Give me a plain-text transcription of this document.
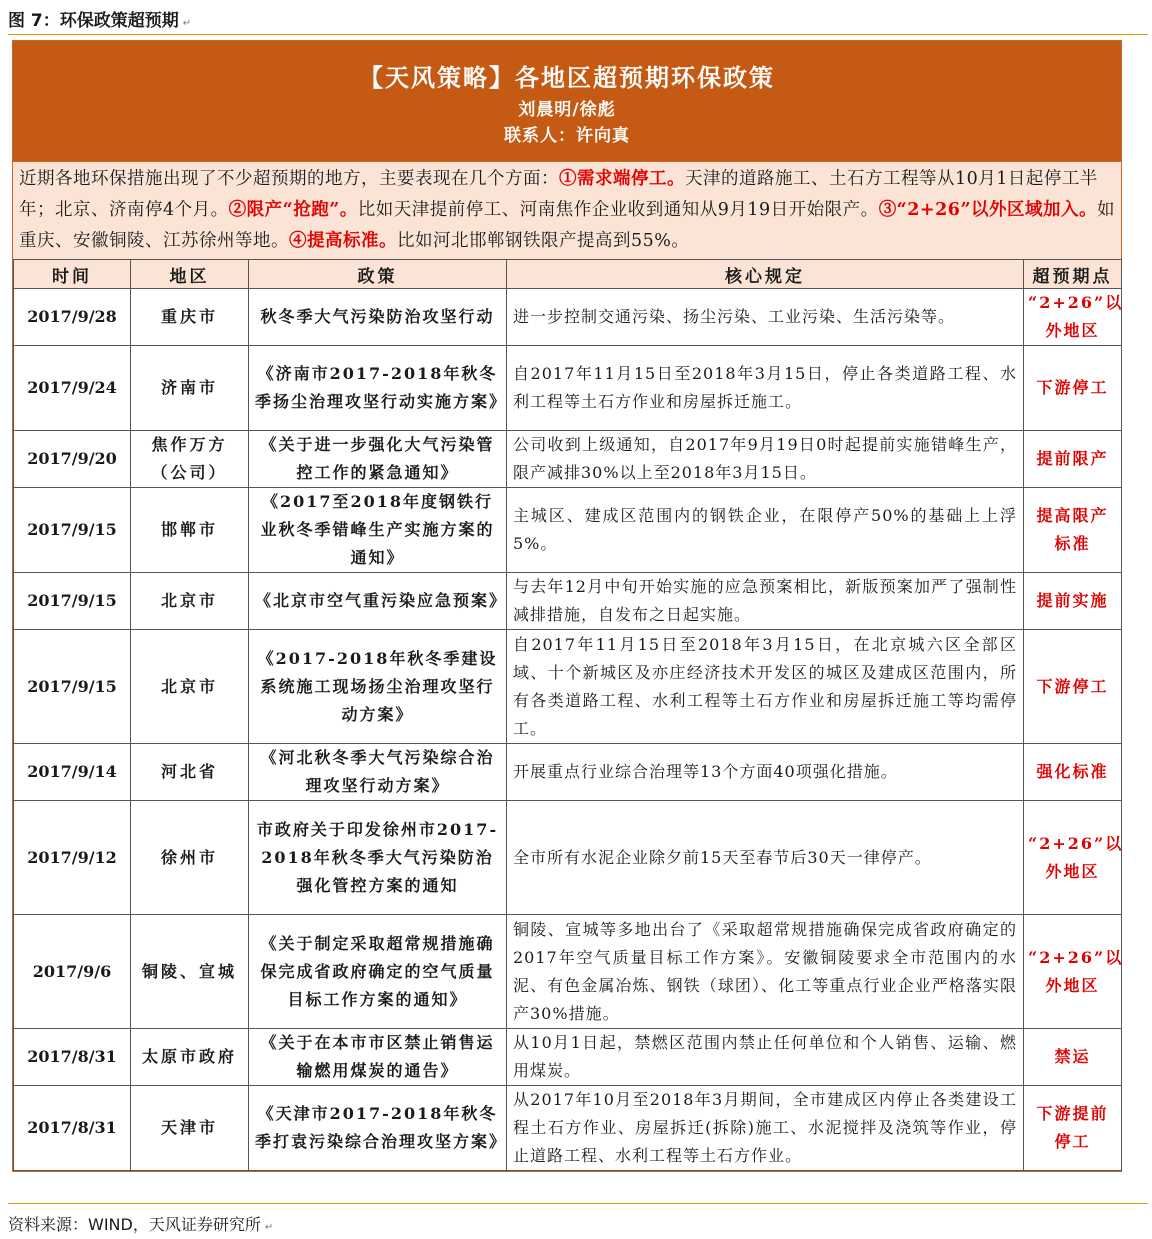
图 7：环保政策超预期 ↵
【天风策略】各地区超预期环保政策
刘晨明/徐彪
联系人：许向真
近期各地环保措施出现了不少超预期的地方，主要表现在几个方面：①需求端停工。天津的道路施工、土石方工程等从10月1日起停工半年；北京、济南停4个月。②限产“抢跑”。比如天津提前停工、河南焦作企业收到通知从9月19日开始限产。③“2+26”以外区域加入。如重庆、安徽铜陵、江苏徐州等地。④提高标准。比如河北邯郸钢铁限产提高到55%。
时间	地区	政策	核心规定	超预期点
2017/9/28	重庆市	秋冬季大气污染防治攻坚行动	进一步控制交通污染、扬尘污染、工业污染、生活污染等。	“2+26”以外地区
2017/9/24	济南市	《济南市2017-2018年秋冬季扬尘治理攻坚行动实施方案》	自2017年11月15日至2018年3月15日，停止各类道路工程、水利工程等土石方作业和房屋拆迁施工。	下游停工
2017/9/20	焦作万方（公司）	《关于进一步强化大气污染管控工作的紧急通知》	公司收到上级通知，自2017年9月19日0时起提前实施错峰生产，限产减排30%以上至2018年3月15日。	提前限产
2017/9/15	邯郸市	《2017至2018年度钢铁行业秋冬季错峰生产实施方案的通知》	主城区、建成区范围内的钢铁企业，在限停产50%的基础上上浮5%。	提高限产标准
2017/9/15	北京市	《北京市空气重污染应急预案》	与去年12月中旬开始实施的应急预案相比，新版预案加严了强制性减排措施，自发布之日起实施。	提前实施
2017/9/15	北京市	《2017-2018年秋冬季建设系统施工现场扬尘治理攻坚行动方案》	自2017年11月15日至2018年3月15日，在北京城六区全部区域、十个新城区及亦庄经济技术开发区的城区及建成区范围内，所有各类道路工程、水利工程等土石方作业和房屋拆迁施工等均需停工。	下游停工
2017/9/14	河北省	《河北秋冬季大气污染综合治理攻坚行动方案》	开展重点行业综合治理等13个方面40项强化措施。	强化标准
2017/9/12	徐州市	市政府关于印发徐州市2017-2018年秋冬季大气污染防治强化管控方案的通知	全市所有水泥企业除夕前15天至春节后30天一律停产。	“2+26”以外地区
2017/9/6	铜陵、宣城	《关于制定采取超常规措施确保完成省政府确定的空气质量目标工作方案的通知》	铜陵、宣城等多地出台了《采取超常规措施确保完成省政府确定的2017年空气质量目标工作方案》。安徽铜陵要求全市范围内的水泥、有色金属冶炼、钢铁（球团）、化工等重点行业企业严格落实限产30%措施。	“2+26”以外地区
2017/8/31	太原市政府	《关于在本市市区禁止销售运输燃用煤炭的通告》	从10月1日起，禁燃区范围内禁止任何单位和个人销售、运输、燃用煤炭。	禁运
2017/8/31	天津市	《天津市2017-2018年秋冬季打袁污染综合治理攻坚方案》	从2017年10月至2018年3月期间，全市建成区内停止各类建设工程土石方作业、房屋拆迁(拆除)施工、水泥搅拌及浇筑等作业，停止道路工程、水利工程等土石方作业。	下游提前停工
资料来源：WIND，天风证券研究所 ↵
